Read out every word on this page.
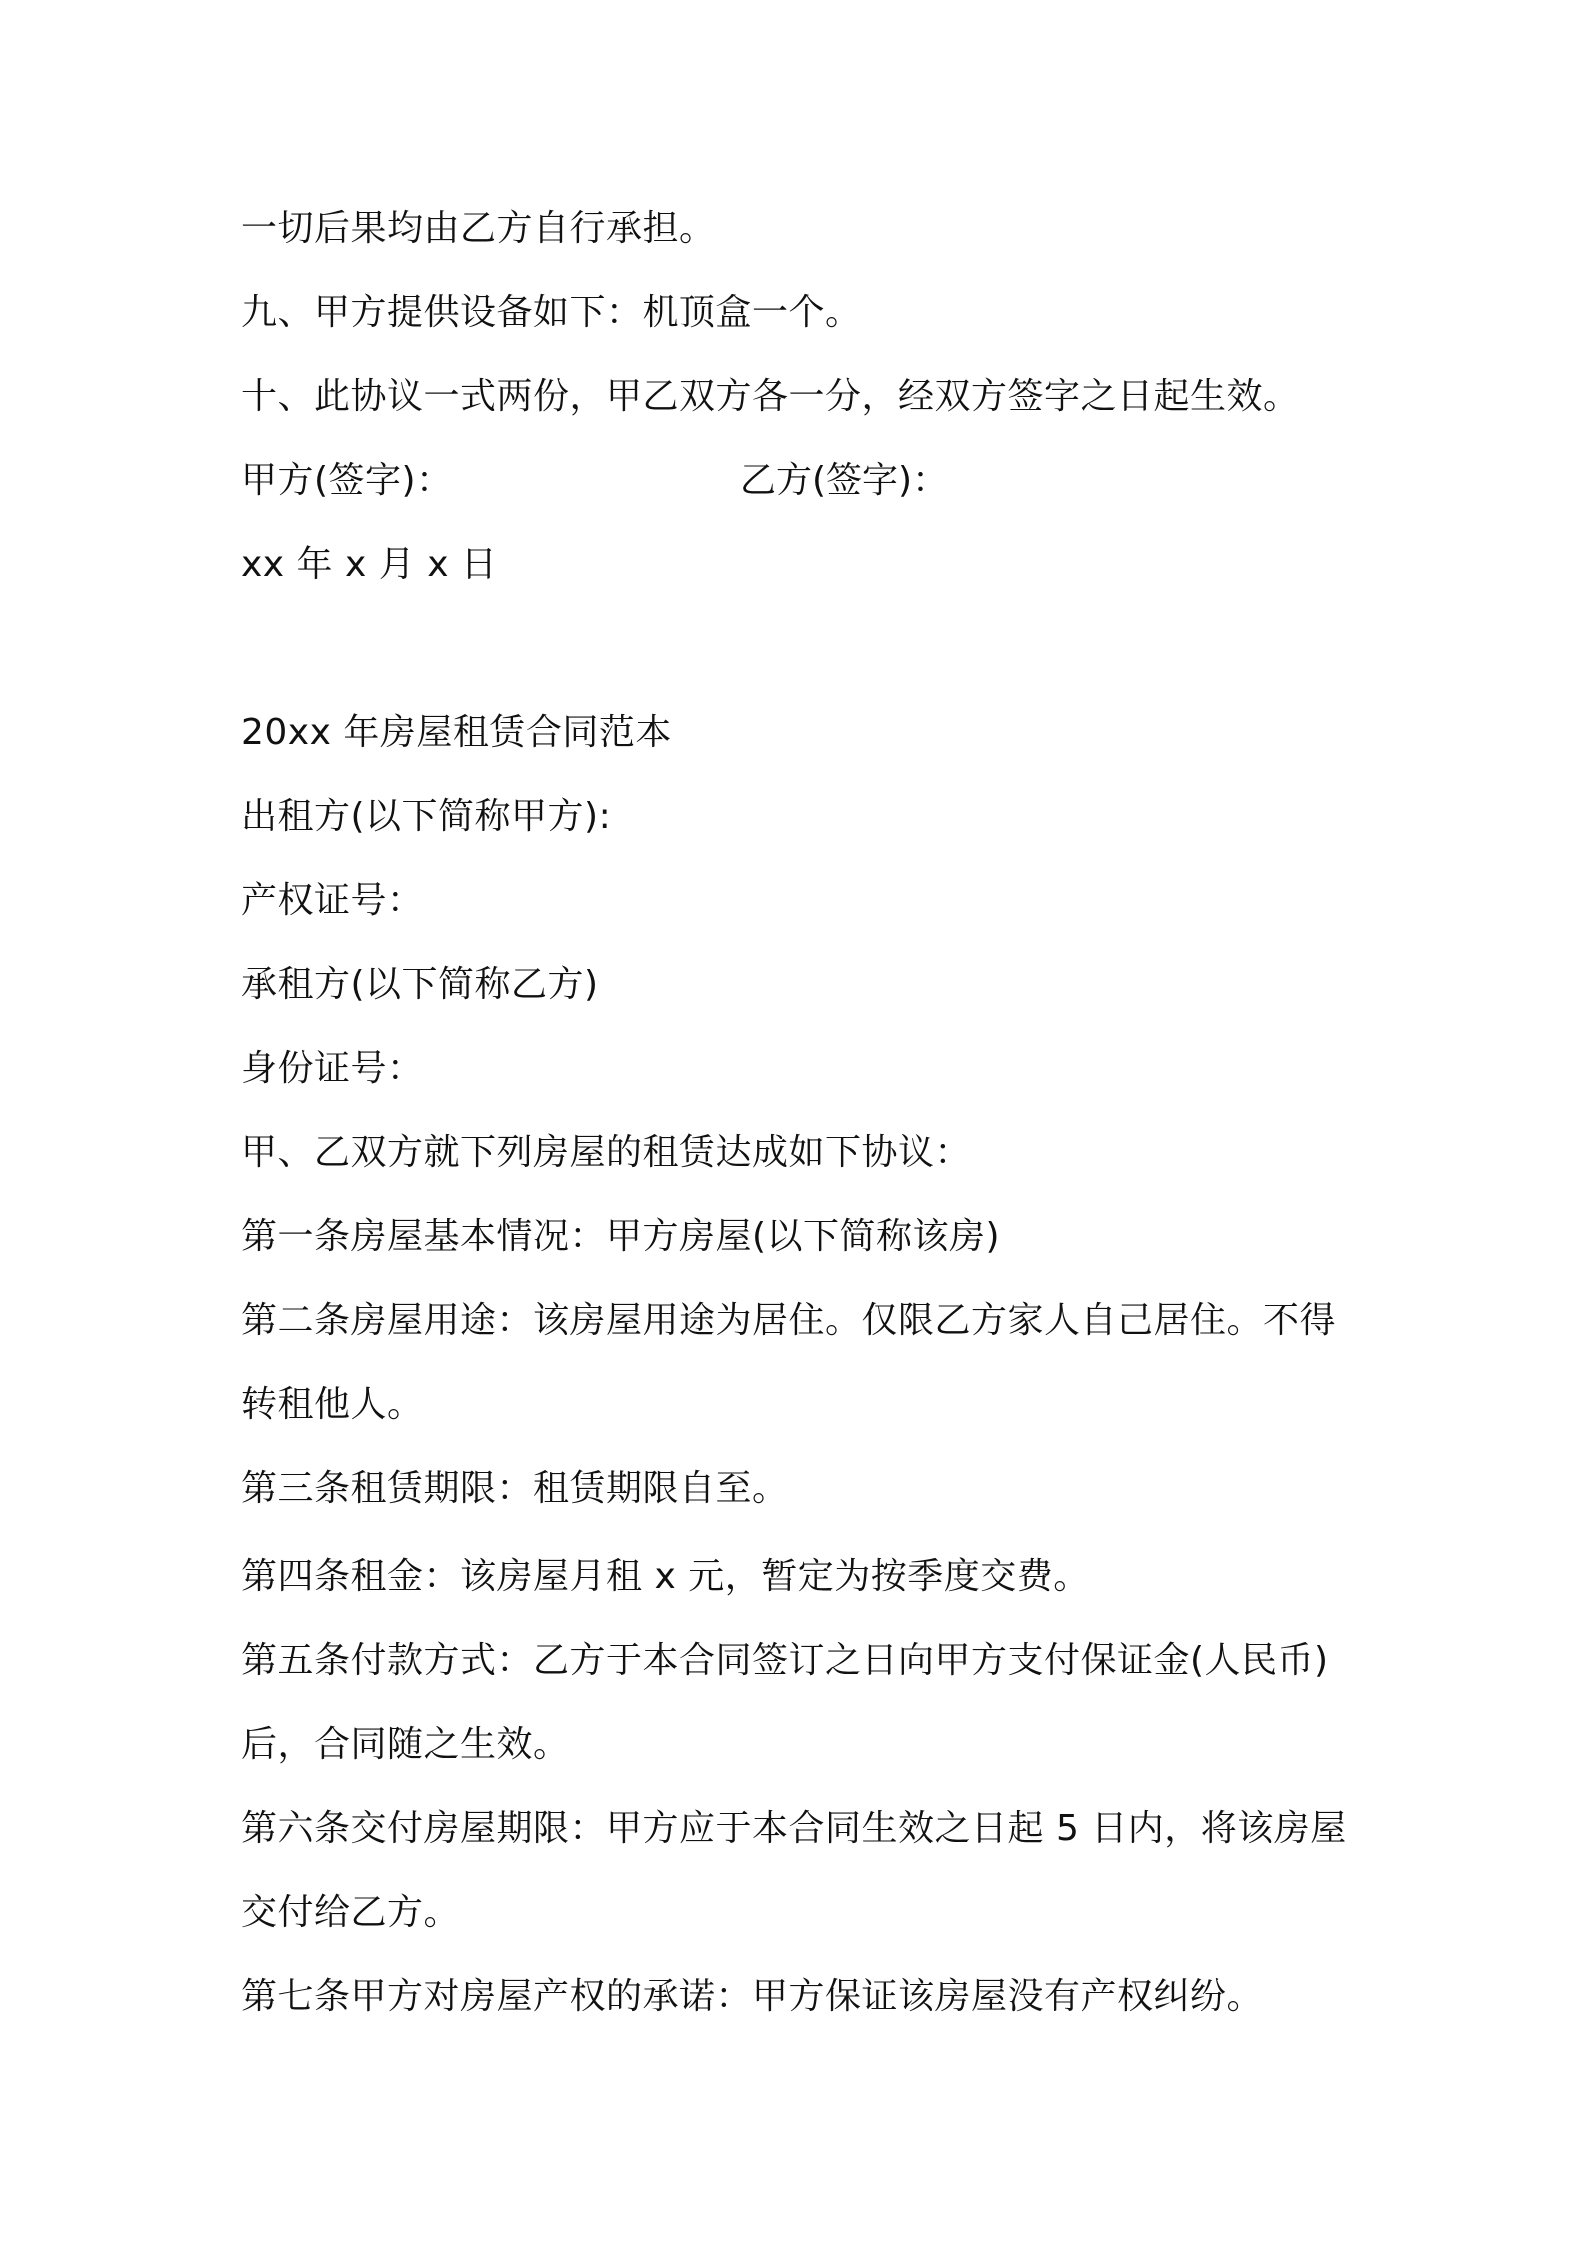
一切后果均由乙方自行承担。
九、甲方提供设备如下：机顶盒一个。
十、此协议一式两份，甲乙双方各一分，经双方签字之日起生效。
甲方(签字)：	乙方(签字)：
xx 年 x 月 x 日
20xx 年房屋租赁合同范本
出租方(以下简称甲方):
产权证号：
承租方(以下简称乙方)
身份证号：
甲、乙双方就下列房屋的租赁达成如下协议：
第一条房屋基本情况：甲方房屋(以下简称该房)
第二条房屋用途：该房屋用途为居住。仅限乙方家人自己居住。不得
转租他人。
第三条租赁期限：租赁期限自至。
第四条租金：该房屋月租 x 元，暂定为按季度交费。
第五条付款方式：乙方于本合同签订之日向甲方支付保证金(人民币)
后，合同随之生效。
第六条交付房屋期限：甲方应于本合同生效之日起 5 日内，将该房屋
交付给乙方。
第七条甲方对房屋产权的承诺：甲方保证该房屋没有产权纠纷。
